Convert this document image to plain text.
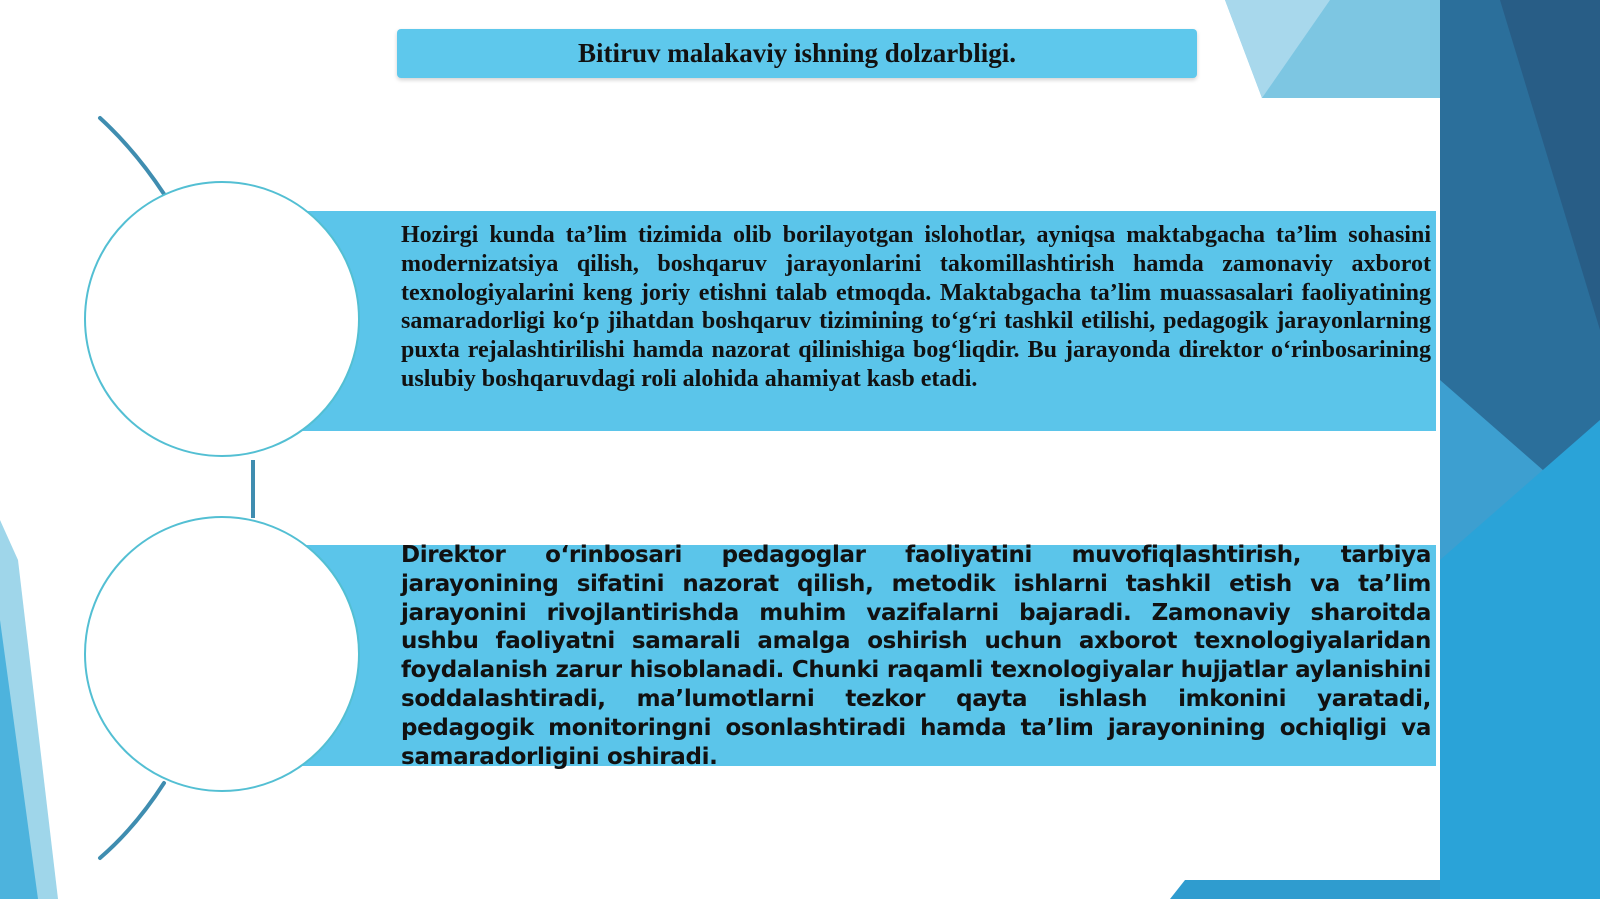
Bitiruv malakaviy ishning dolzarbligi.

Hozirgi kunda ta’lim tizimida olib borilayotgan islohotlar, ayniqsa maktabgacha ta’lim sohasini modernizatsiya qilish, boshqaruv jarayonlarini takomillashtirish hamda zamonaviy axborot texnologiyalarini keng joriy etishni talab etmoqda. Maktabgacha ta’lim muassasalari faoliyatining samaradorligi ko‘p jihatdan boshqaruv tizimining to‘g‘ri tashkil etilishi, pedagogik jarayonlarning puxta rejalashtirilishi hamda nazorat qilinishiga bog‘liqdir. Bu jarayonda direktor o‘rinbosarining uslubiy boshqaruvdagi roli alohida ahamiyat kasb etadi.

Direktor o‘rinbosari pedagoglar faoliyatini muvofiqlashtirish, tarbiya jarayonining sifatini nazorat qilish, metodik ishlarni tashkil etish va ta’lim jarayonini rivojlantirishda muhim vazifalarni bajaradi. Zamonaviy sharoitda ushbu faoliyatni samarali amalga oshirish uchun axborot texnologiyalaridan foydalanish zarur hisoblanadi. Chunki raqamli texnologiyalar hujjatlar aylanishini soddalashtiradi, ma’lumotlarni tezkor qayta ishlash imkonini yaratadi, pedagogik monitoringni osonlashtiradi hamda ta’lim jarayonining ochiqligi va samaradorligini oshiradi.
